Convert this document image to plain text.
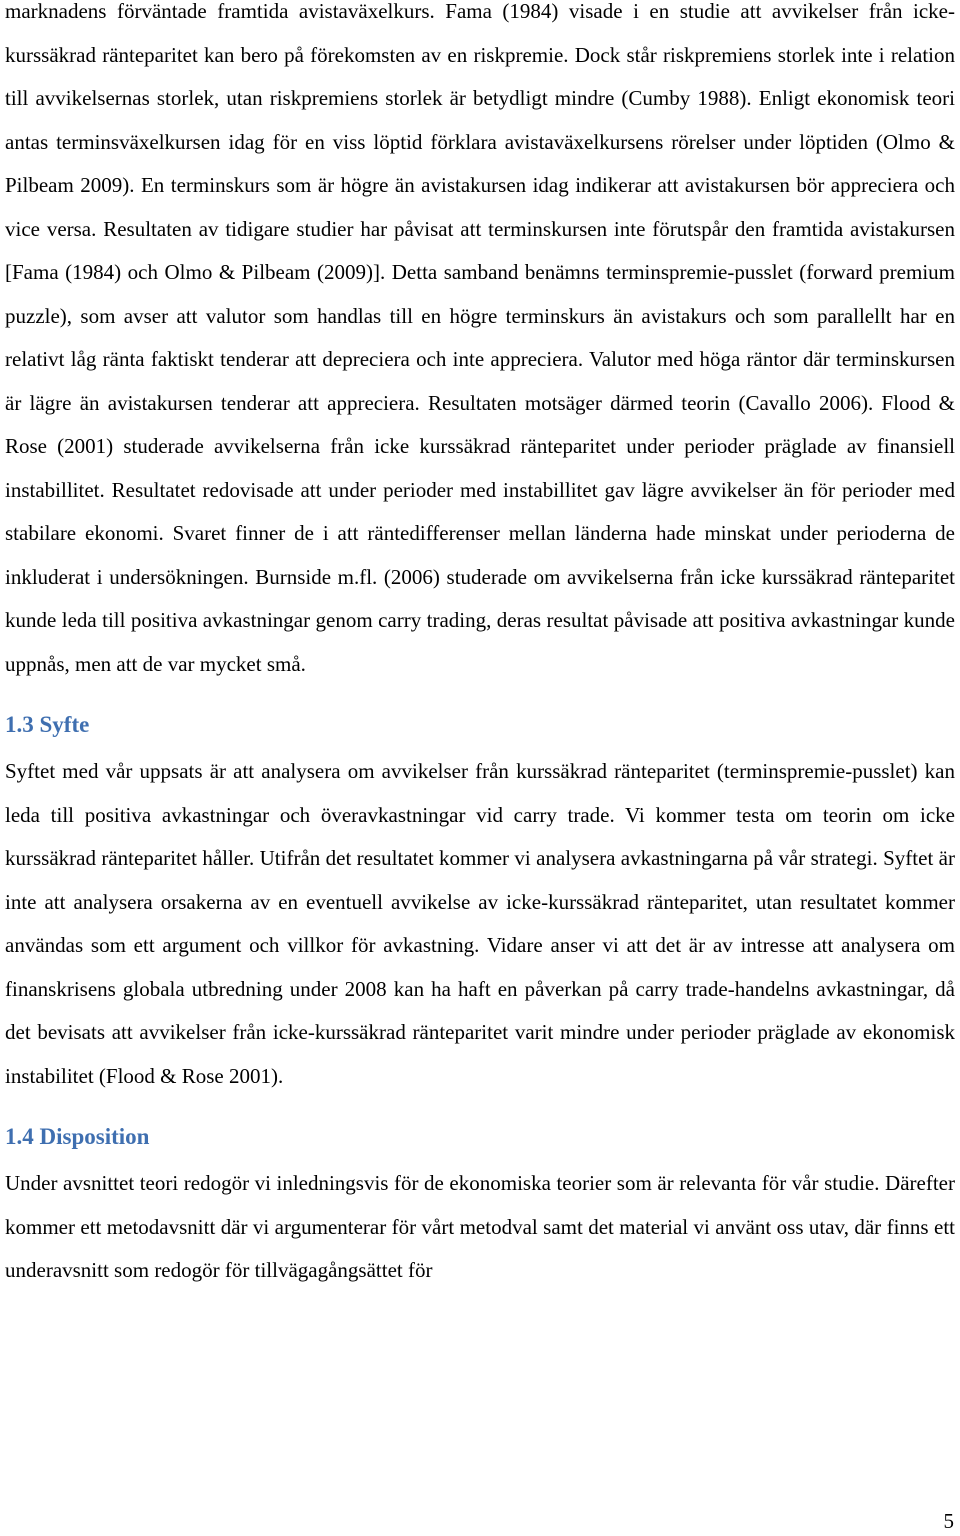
marknadens förväntade framtida avistaväxelkurs. Fama (1984) visade i en studie att avvikelser från icke-kurssäkrad ränteparitet kan bero på förekomsten av en riskpremie. Dock står riskpremiens storlek inte i relation till avvikelsernas storlek, utan riskpremiens storlek är betydligt mindre (Cumby 1988). Enligt ekonomisk teori antas terminsväxelkursen idag för en viss löptid förklara avistaväxelkursens rörelser under löptiden (Olmo & Pilbeam 2009). En terminskurs som är högre än avistakursen idag indikerar att avistakursen bör appreciera och vice versa. Resultaten av tidigare studier har påvisat att terminskursen inte förutspår den framtida avistakursen [Fama (1984) och Olmo & Pilbeam (2009)]. Detta samband benämns terminspremie-pusslet (forward premium puzzle), som avser att valutor som handlas till en högre terminskurs än avistakurs och som parallellt har en relativt låg ränta faktiskt tenderar att depreciera och inte appreciera. Valutor med höga räntor där terminskursen är lägre än avistakursen tenderar att appreciera. Resultaten motsäger därmed teorin (Cavallo 2006). Flood & Rose (2001) studerade avvikelserna från icke kurssäkrad ränteparitet under perioder präglade av finansiell instabillitet. Resultatet redovisade att under perioder med instabillitet gav lägre avvikelser än för perioder med stabilare ekonomi. Svaret finner de i att räntedifferenser mellan länderna hade minskat under perioderna de inkluderat i undersökningen. Burnside m.fl. (2006) studerade om avvikelserna från icke kurssäkrad ränteparitet kunde leda till positiva avkastningar genom carry trading, deras resultat påvisade att positiva avkastningar kunde uppnås, men att de var mycket små.

1.3 Syfte

Syftet med vår uppsats är att analysera om avvikelser från kurssäkrad ränteparitet (terminspremie-pusslet) kan leda till positiva avkastningar och överavkastningar vid carry trade. Vi kommer testa om teorin om icke kurssäkrad ränteparitet håller. Utifrån det resultatet kommer vi analysera avkastningarna på vår strategi. Syftet är inte att analysera orsakerna av en eventuell avvikelse av icke-kurssäkrad ränteparitet, utan resultatet kommer användas som ett argument och villkor för avkastning. Vidare anser vi att det är av intresse att analysera om finanskrisens globala utbredning under 2008 kan ha haft en påverkan på carry trade-handelns avkastningar, då det bevisats att avvikelser från icke-kurssäkrad ränteparitet varit mindre under perioder präglade av ekonomisk instabilitet (Flood & Rose 2001).

1.4 Disposition

Under avsnittet teori redogör vi inledningsvis för de ekonomiska teorier som är relevanta för vår studie. Därefter kommer ett metodavsnitt där vi argumenterar för vårt metodval samt det material vi använt oss utav, där finns ett underavsnitt som redogör för tillvägagångsättet för

5
